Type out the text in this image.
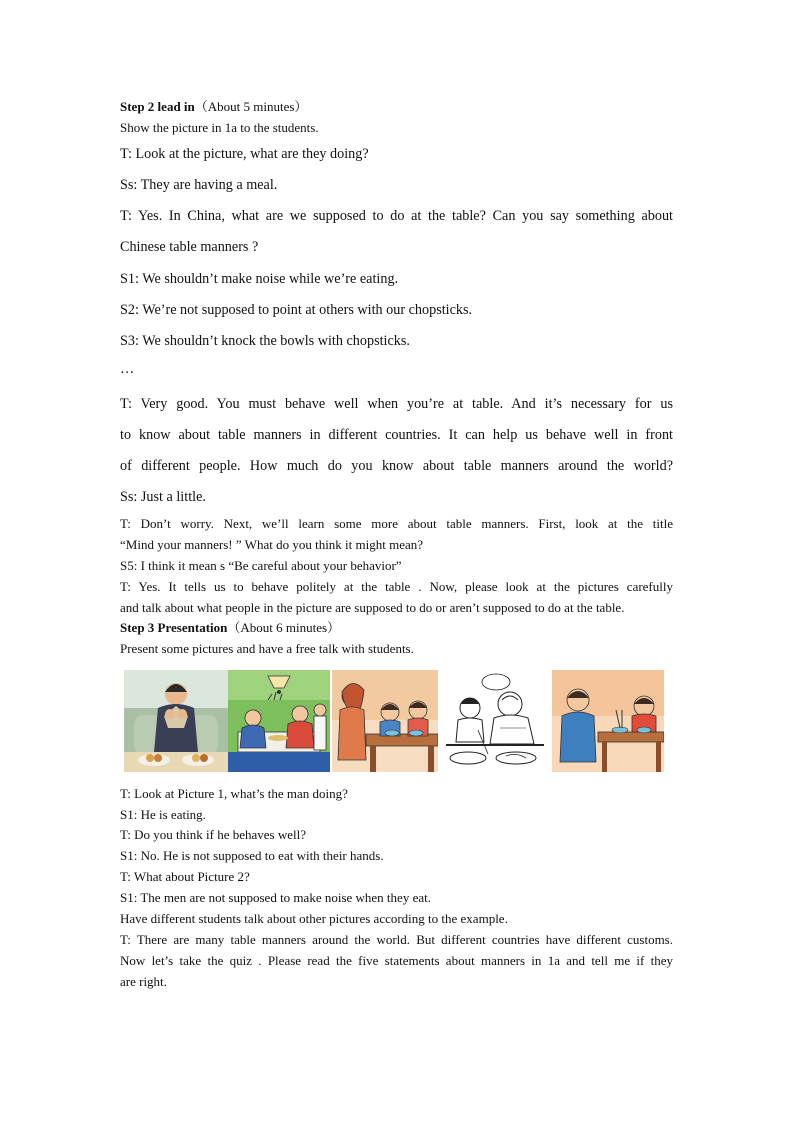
Step 2 lead in（About 5 minutes）
Show the picture in 1a to the students.
T: Look at the picture, what are they doing?
Ss: They are having a meal.
T: Yes. In China, what are we supposed to do at the table? Can you say something about
Chinese table manners ?
S1: We shouldn’t make noise while we’re eating.
S2: We’re not supposed to point at others with our chopsticks.
S3: We shouldn’t knock the bowls with chopsticks.
…
T: Very good. You must behave well when you’re at table. And it’s necessary for us
to know about table manners in different countries. It can help us behave well in front
of different people. How much do you know about table manners around the world?
Ss: Just a little.
T: Don’t worry. Next, we’ll learn some more about table manners. First, look at the title
“Mind your manners! ” What do you think it might mean?
S5: I think it mean s “Be careful about your behavior”
T: Yes. It tells us to behave politely at the table . Now, please look at the pictures carefully
and talk about what people in the picture are supposed to do or aren’t supposed to do at the table.
Step 3 Presentation（About 6 minutes）
Present some pictures and have a free talk with students.
T: Look at Picture 1, what’s the man doing?
S1: He is eating.
T: Do you think if he behaves well?
S1: No. He is not supposed to eat with their hands.
T: What about Picture 2?
S1: The men are not supposed to make noise when they eat.
Have different students talk about other pictures according to the example.
T: There are many table manners around the world. But different countries have different customs.
Now let’s take the quiz . Please read the five statements about manners in 1a and tell me if they
are right.
